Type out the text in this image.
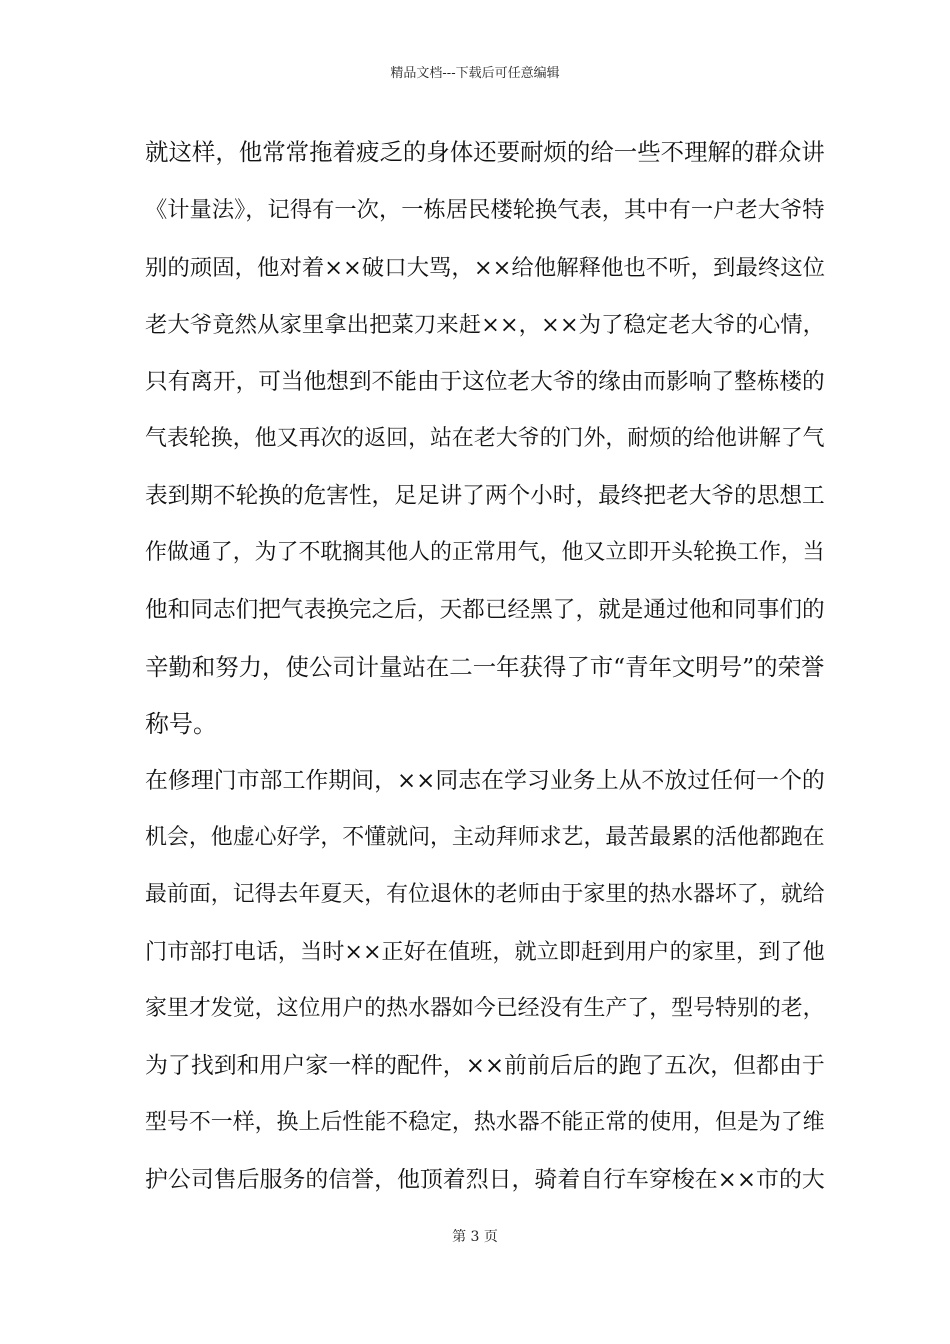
精品文档---下载后可任意编辑
就这样，他常常拖着疲乏的身体还要耐烦的给一些不理解的群众讲
《计量法》，记得有一次，一栋居民楼轮换气表，其中有一户老大爷特
别的顽固，他对着××破口大骂，××给他解释他也不听，到最终这位
老大爷竟然从家里拿出把菜刀来赶××，××为了稳定老大爷的心情，
只有离开，可当他想到不能由于这位老大爷的缘由而影响了整栋楼的
气表轮换，他又再次的返回，站在老大爷的门外，耐烦的给他讲解了气
表到期不轮换的危害性，足足讲了两个小时，最终把老大爷的思想工
作做通了，为了不耽搁其他人的正常用气，他又立即开头轮换工作，当
他和同志们把气表换完之后，天都已经黑了，就是通过他和同事们的
辛勤和努力，使公司计量站在二一年获得了市“青年文明号”的荣誉
称号。
在修理门市部工作期间，××同志在学习业务上从不放过任何一个的
机会，他虚心好学，不懂就问，主动拜师求艺，最苦最累的活他都跑在
最前面，记得去年夏天，有位退休的老师由于家里的热水器坏了，就给
门市部打电话，当时××正好在值班，就立即赶到用户的家里，到了他
家里才发觉，这位用户的热水器如今已经没有生产了，型号特别的老，
为了找到和用户家一样的配件，××前前后后的跑了五次，但都由于
型号不一样，换上后性能不稳定，热水器不能正常的使用，但是为了维
护公司售后服务的信誉，他顶着烈日，骑着自行车穿梭在××市的大
第 3 页
